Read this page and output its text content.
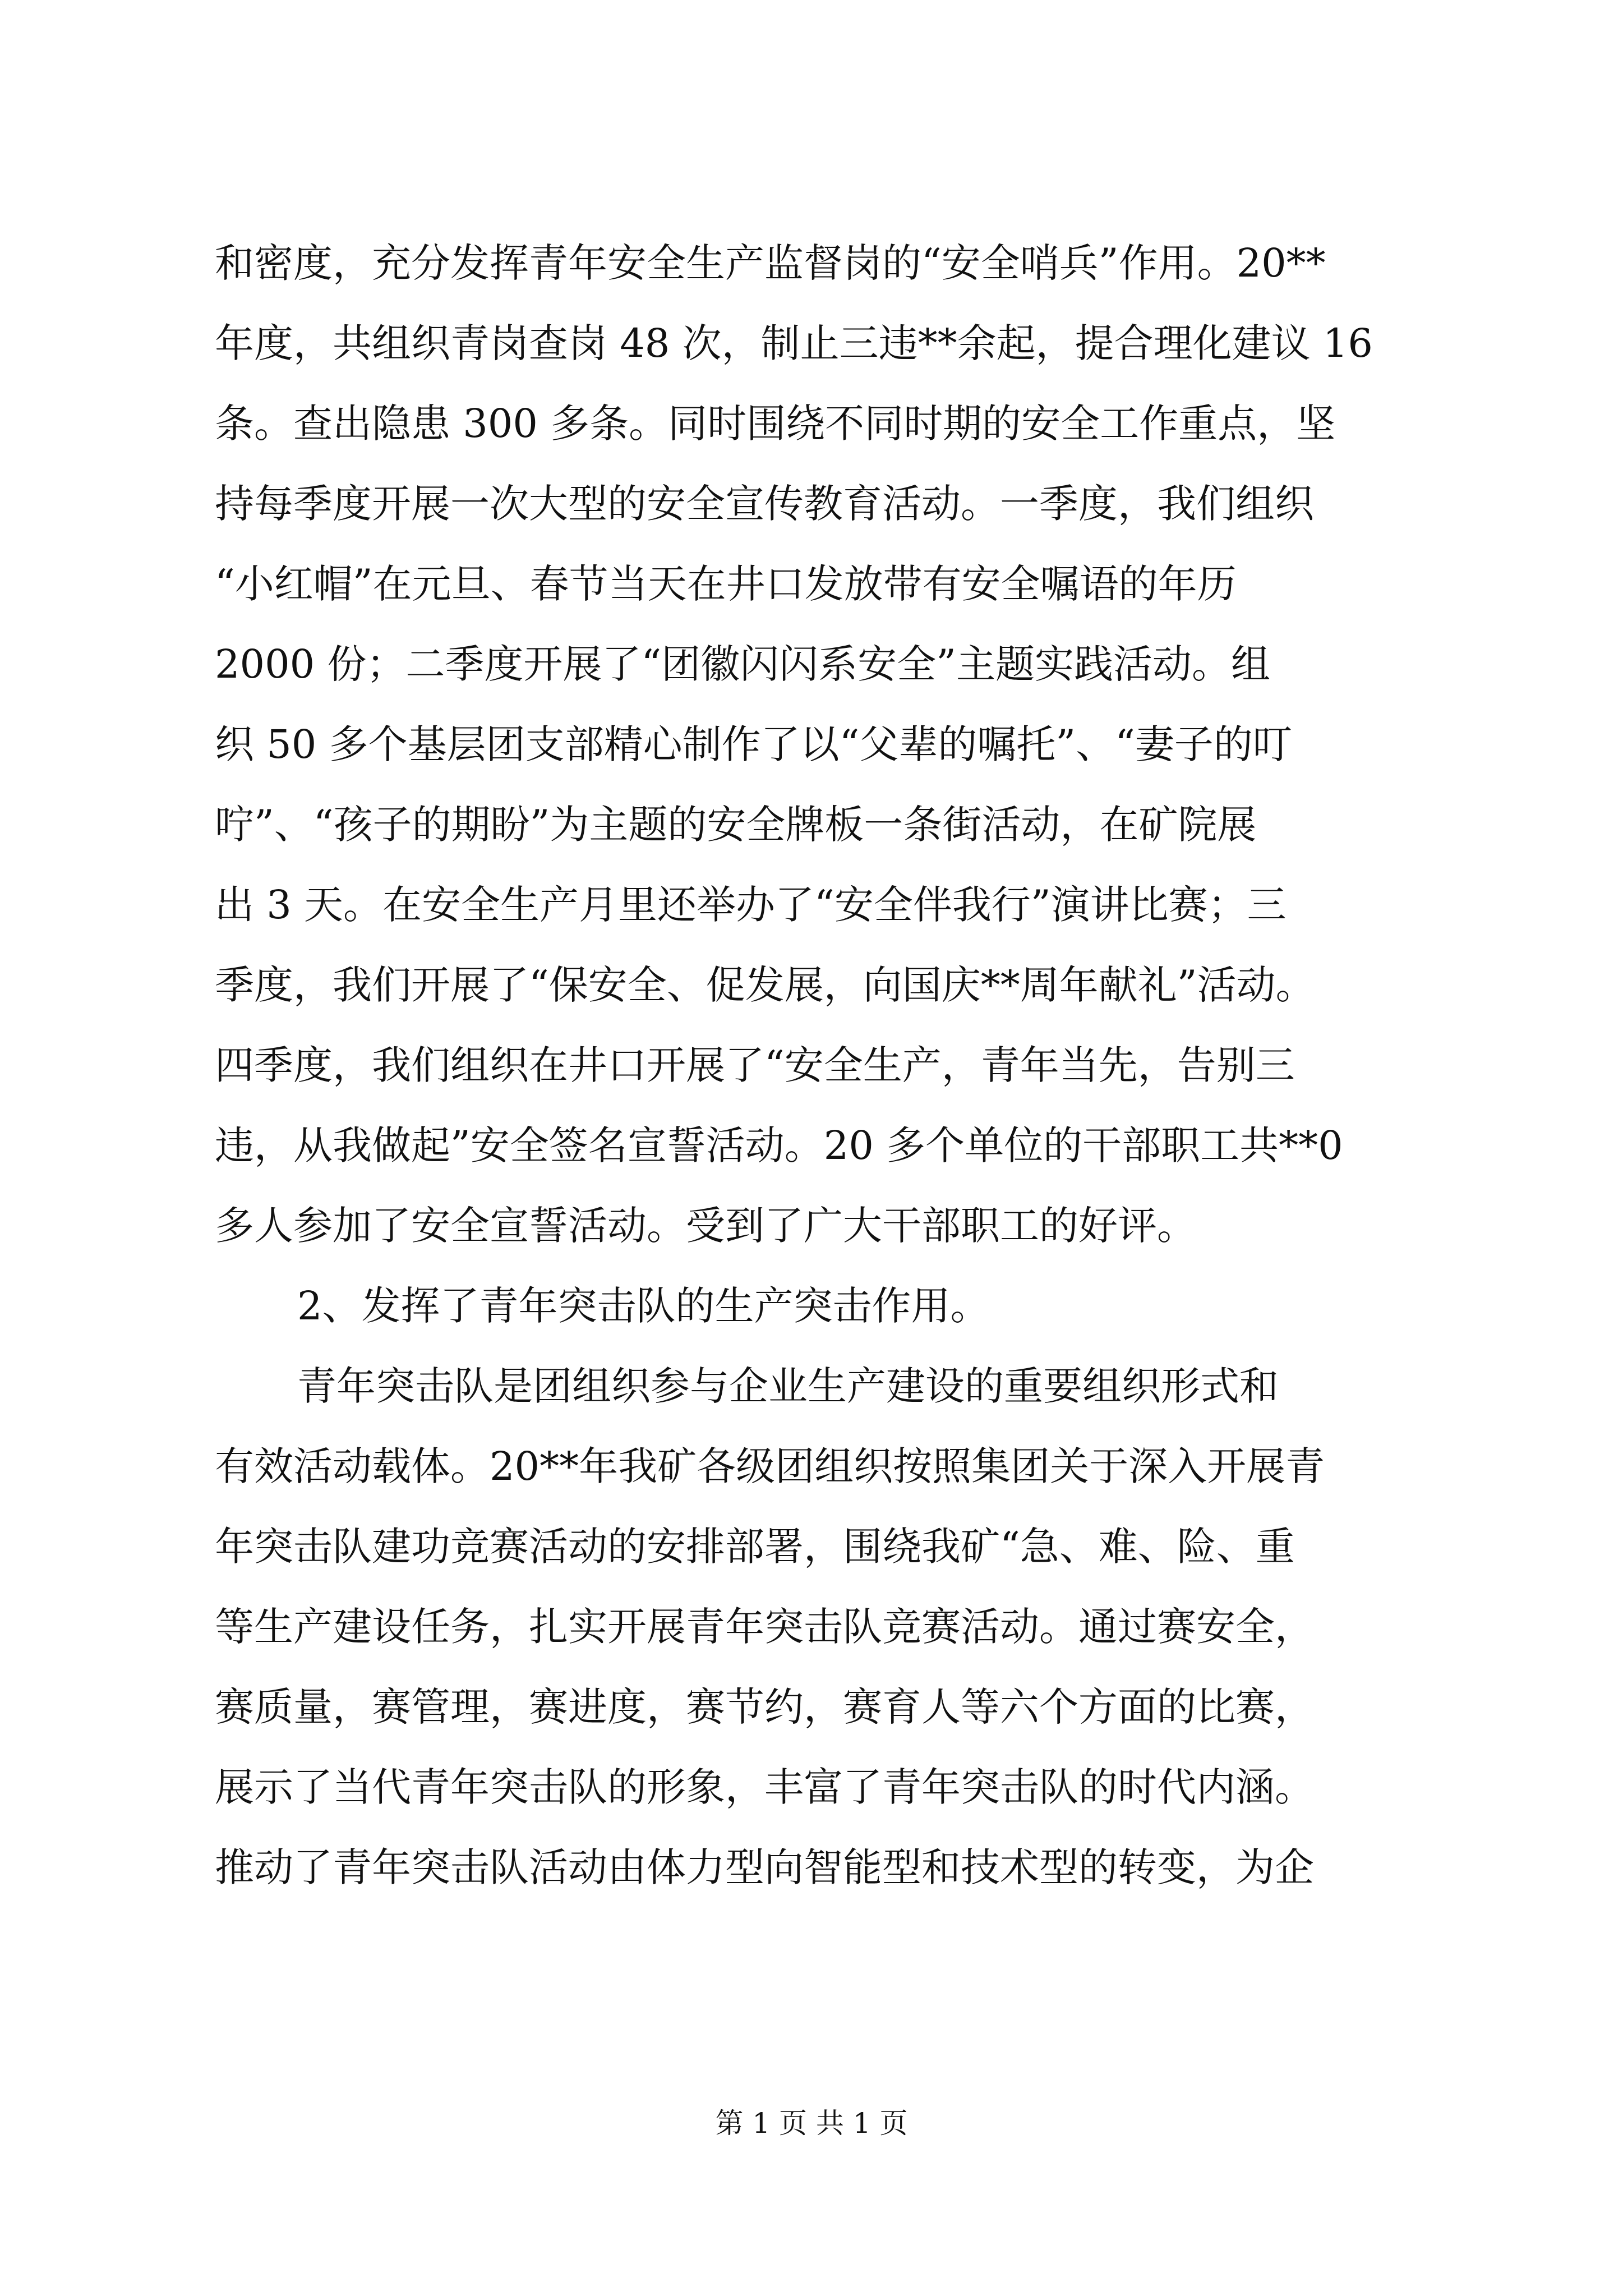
和密度，充分发挥青年安全生产监督岗的“安全哨兵”作用。20**
年度，共组织青岗查岗 48 次，制止三违**余起，提合理化建议 16
条。查出隐患 300 多条。同时围绕不同时期的安全工作重点，坚
持每季度开展一次大型的安全宣传教育活动。一季度，我们组织
“小红帽”在元旦、春节当天在井口发放带有安全嘱语的年历
2000 份；二季度开展了“团徽闪闪系安全”主题实践活动。组
织 50 多个基层团支部精心制作了以“父辈的嘱托”、“妻子的叮
咛”、“孩子的期盼”为主题的安全牌板一条街活动，在矿院展
出 3 天。在安全生产月里还举办了“安全伴我行”演讲比赛；三
季度，我们开展了“保安全、促发展，向国庆**周年献礼”活动。
四季度，我们组织在井口开展了“安全生产，青年当先，告别三
违，从我做起”安全签名宣誓活动。20 多个单位的干部职工共**0
多人参加了安全宣誓活动。受到了广大干部职工的好评。
2、发挥了青年突击队的生产突击作用。
青年突击队是团组织参与企业生产建设的重要组织形式和
有效活动载体。20**年我矿各级团组织按照集团关于深入开展青
年突击队建功竞赛活动的安排部署，围绕我矿“急、难、险、重
等生产建设任务，扎实开展青年突击队竞赛活动。通过赛安全，
赛质量，赛管理，赛进度，赛节约，赛育人等六个方面的比赛，
展示了当代青年突击队的形象，丰富了青年突击队的时代内涵。
推动了青年突击队活动由体力型向智能型和技术型的转变，为企
第 1 页 共 1 页
